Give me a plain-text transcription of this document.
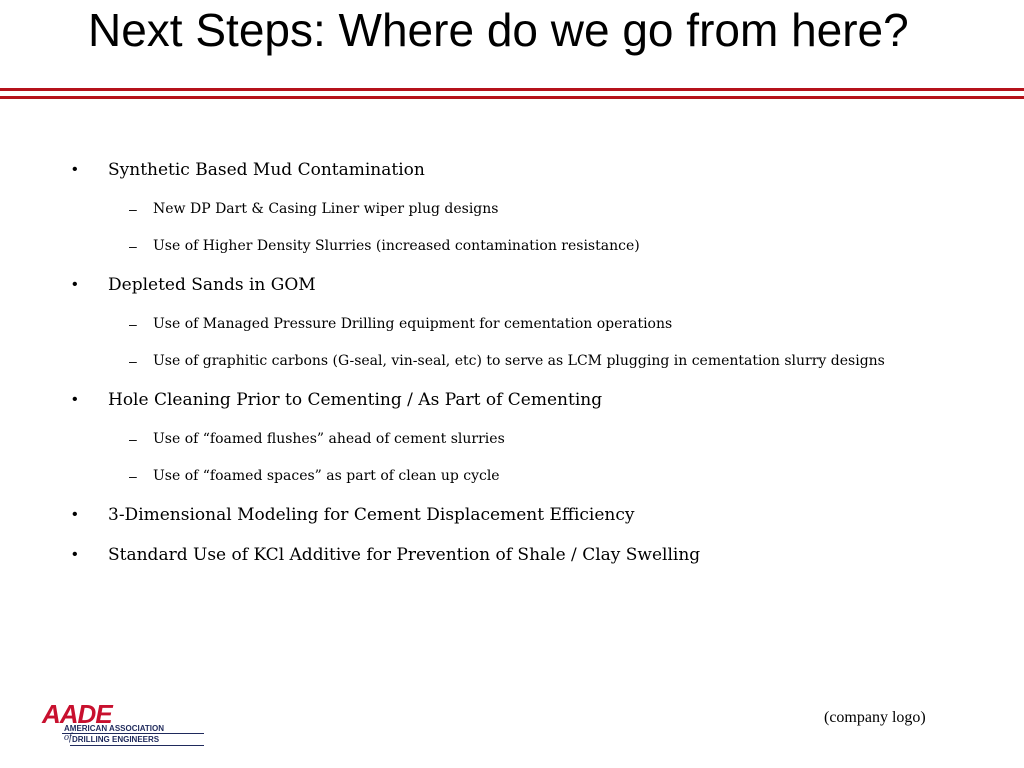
Next Steps: Where do we go from here?
• Synthetic Based Mud Contamination
– New DP Dart & Casing Liner wiper plug designs
– Use of Higher Density Slurries (increased contamination resistance)
• Depleted Sands in GOM
– Use of Managed Pressure Drilling equipment for cementation operations
– Use of graphitic carbons (G-seal, vin-seal, etc) to serve as LCM plugging in cementation slurry designs
• Hole Cleaning Prior to Cementing / As Part of Cementing
– Use of “foamed flushes” ahead of cement slurries
– Use of “foamed spaces” as part of clean up cycle
• 3-Dimensional Modeling for Cement Displacement Efficiency
• Standard Use of KCl Additive for Prevention of Shale / Clay Swelling
AADE
AMERICAN ASSOCIATION
of DRILLING ENGINEERS
(company logo)
